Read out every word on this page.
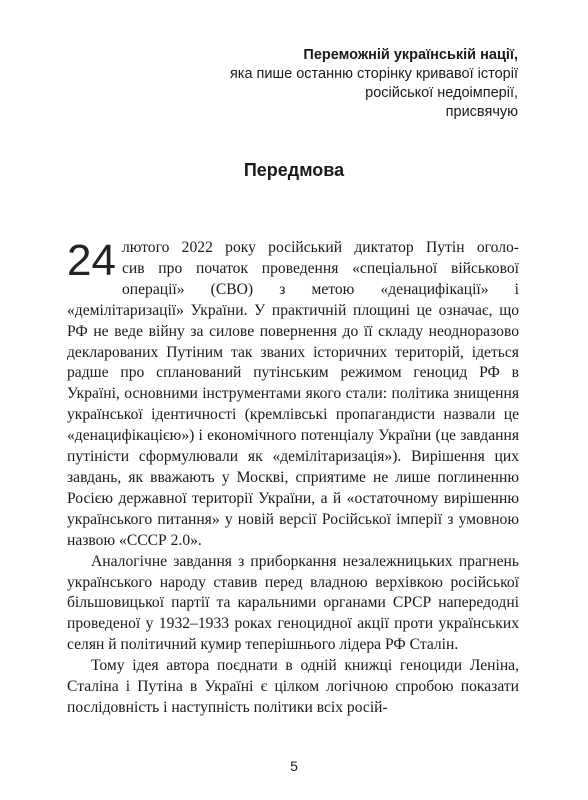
Переможній українській нації,
яка пише останню сторінку кривавої історії
російської недоімперії,
присвячую
Передмова

24 лютого 2022 року російський диктатор Путін оголо-
сив про початок проведення «спеціальної військової
операції» (СВО) з метою «денацифікації» і «демілітаризації» України. У практичній площині це означає, що РФ не веде війну за силове повернення до її складу неодноразово декларованих Путіним так званих історичних територій, ідеться радше про спланований путінським режимом геноцид РФ в Україні, основними інструментами якого стали: політика знищення української ідентичності (кремлівські пропагандисти назвали це «денацифікацією») і економічного потенціалу України (це завдання путіністи сформулювали як «демілітаризація»). Вирішення цих завдань, як вважають у Москві, сприятиме не лише поглиненню Росією державної території України, а й «остаточному вирішенню українського питання» у новій версії Російської імперії з умовною назвою «СССР 2.0».

Аналогічне завдання з приборкання незалежницьких прагнень українського народу ставив перед владною верхівкою російської більшовицької партії та каральними органами СРСР напередодні проведеної у 1932–1933 роках геноцидної акції проти українських селян й політичний кумир теперішнього лідера РФ Сталін.

Тому ідея автора поєднати в одній книжці геноциди Леніна, Сталіна і Путіна в Україні є цілком логічною спробою показати послідовність і наступність політики всіх росій-

5
